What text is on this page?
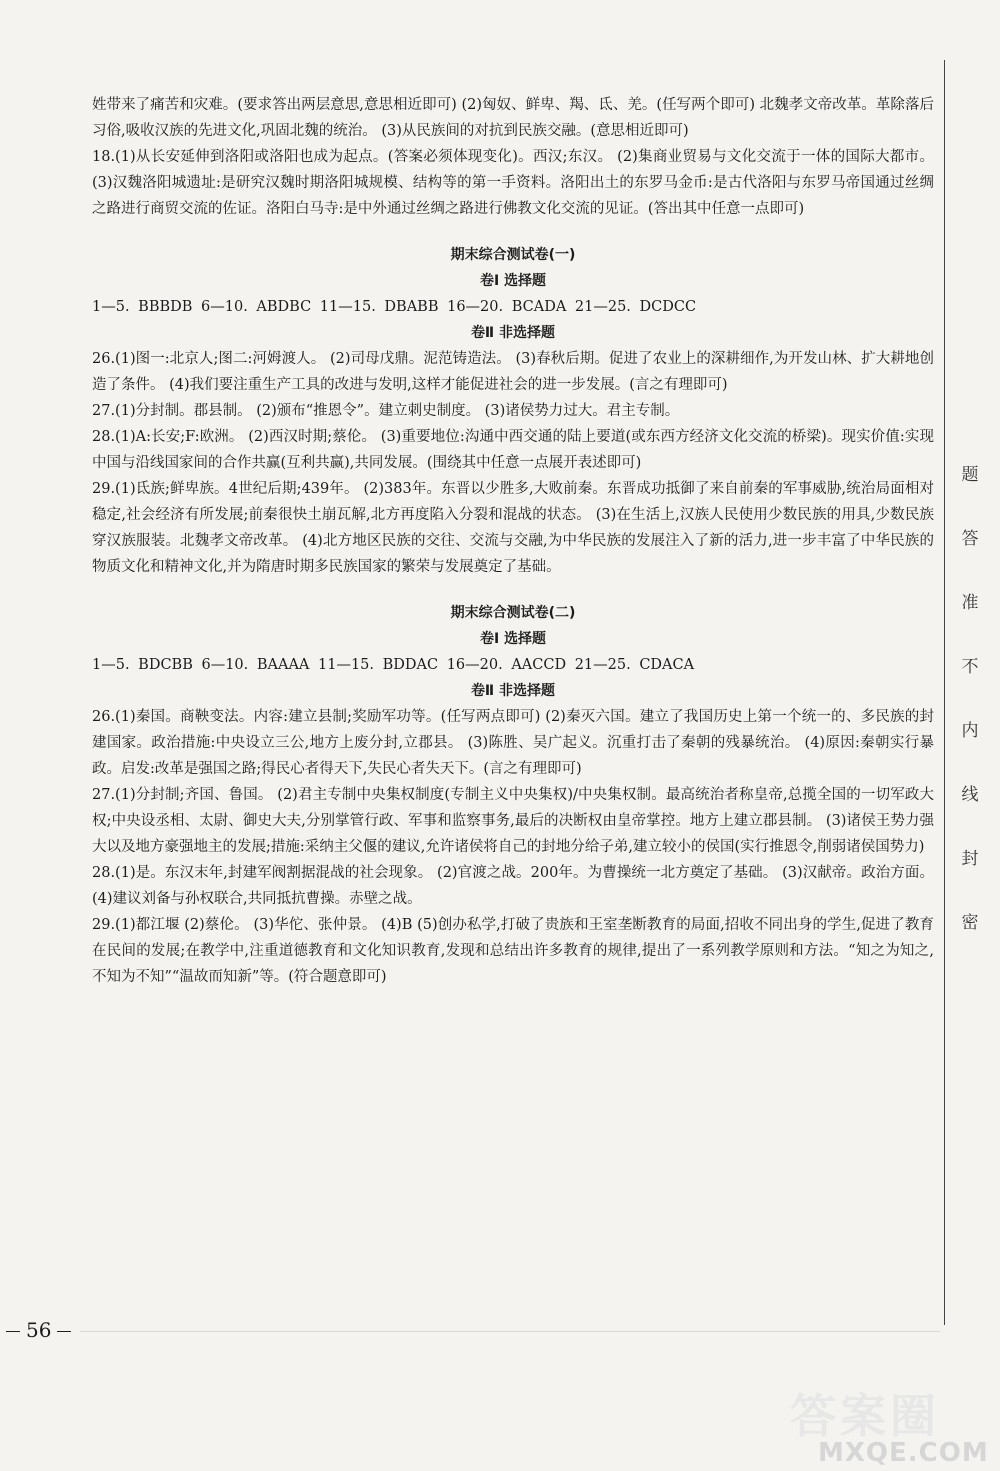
姓带来了痛苦和灾难。(要求答出两层意思,意思相近即可) (2)匈奴、鲜卑、羯、氐、羌。(任写两个即可) 北魏孝文帝改革。革除落后习俗,吸收汉族的先进文化,巩固北魏的统治。 (3)从民族间的对抗到民族交融。(意思相近即可)

18.(1)从长安延伸到洛阳或洛阳也成为起点。(答案必须体现变化)。西汉;东汉。 (2)集商业贸易与文化交流于一体的国际大都市。 (3)汉魏洛阳城遗址:是研究汉魏时期洛阳城规模、结构等的第一手资料。洛阳出土的东罗马金币:是古代洛阳与东罗马帝国通过丝绸之路进行商贸交流的佐证。洛阳白马寺:是中外通过丝绸之路进行佛教文化交流的见证。(答出其中任意一点即可)

期末综合测试卷(一)
卷Ⅰ 选择题

1—5. BBBDB 6—10. ABDBC 11—15. DBABB 16—20. BCADA 21—25. DCDCC

卷Ⅱ 非选择题

26.(1)图一:北京人;图二:河姆渡人。 (2)司母戊鼎。泥范铸造法。 (3)春秋后期。促进了农业上的深耕细作,为开发山林、扩大耕地创造了条件。 (4)我们要注重生产工具的改进与发明,这样才能促进社会的进一步发展。(言之有理即可)

27.(1)分封制。郡县制。 (2)颁布“推恩令”。建立刺史制度。 (3)诸侯势力过大。君主专制。

28.(1)A:长安;F:欧洲。 (2)西汉时期;蔡伦。 (3)重要地位:沟通中西交通的陆上要道(或东西方经济文化交流的桥梁)。现实价值:实现中国与沿线国家间的合作共赢(互利共赢),共同发展。(围绕其中任意一点展开表述即可)

29.(1)氐族;鲜卑族。4世纪后期;439年。 (2)383年。东晋以少胜多,大败前秦。东晋成功抵御了来自前秦的军事威胁,统治局面相对稳定,社会经济有所发展;前秦很快土崩瓦解,北方再度陷入分裂和混战的状态。 (3)在生活上,汉族人民使用少数民族的用具,少数民族穿汉族服装。北魏孝文帝改革。 (4)北方地区民族的交往、交流与交融,为中华民族的发展注入了新的活力,进一步丰富了中华民族的物质文化和精神文化,并为隋唐时期多民族国家的繁荣与发展奠定了基础。

期末综合测试卷(二)
卷Ⅰ 选择题

1—5. BDCBB 6—10. BAAAA 11—15. BDDAC 16—20. AACCD 21—25. CDACA

卷Ⅱ 非选择题

26.(1)秦国。商鞅变法。内容:建立县制;奖励军功等。(任写两点即可) (2)秦灭六国。建立了我国历史上第一个统一的、多民族的封建国家。政治措施:中央设立三公,地方上废分封,立郡县。 (3)陈胜、吴广起义。沉重打击了秦朝的残暴统治。 (4)原因:秦朝实行暴政。启发:改革是强国之路;得民心者得天下,失民心者失天下。(言之有理即可)

27.(1)分封制;齐国、鲁国。 (2)君主专制中央集权制度(专制主义中央集权)/中央集权制。最高统治者称皇帝,总揽全国的一切军政大权;中央设丞相、太尉、御史大夫,分别掌管行政、军事和监察事务,最后的决断权由皇帝掌控。地方上建立郡县制。 (3)诸侯王势力强大以及地方豪强地主的发展;措施:采纳主父偃的建议,允许诸侯将自己的封地分给子弟,建立较小的侯国(实行推恩令,削弱诸侯国势力)

28.(1)是。东汉末年,封建军阀割据混战的社会现象。 (2)官渡之战。200年。为曹操统一北方奠定了基础。 (3)汉献帝。政治方面。 (4)建议刘备与孙权联合,共同抵抗曹操。赤壁之战。

29.(1)都江堰 (2)蔡伦。 (3)华佗、张仲景。 (4)B (5)创办私学,打破了贵族和王室垄断教育的局面,招收不同出身的学生,促进了教育在民间的发展;在教学中,注重道德教育和文化知识教育,发现和总结出许多教育的规律,提出了一系列教学原则和方法。“知之为知之,不知为不知”“温故而知新”等。(符合题意即可)

56
题
答
准
不
内
线
封
密
答案圈
MXQE.COM
